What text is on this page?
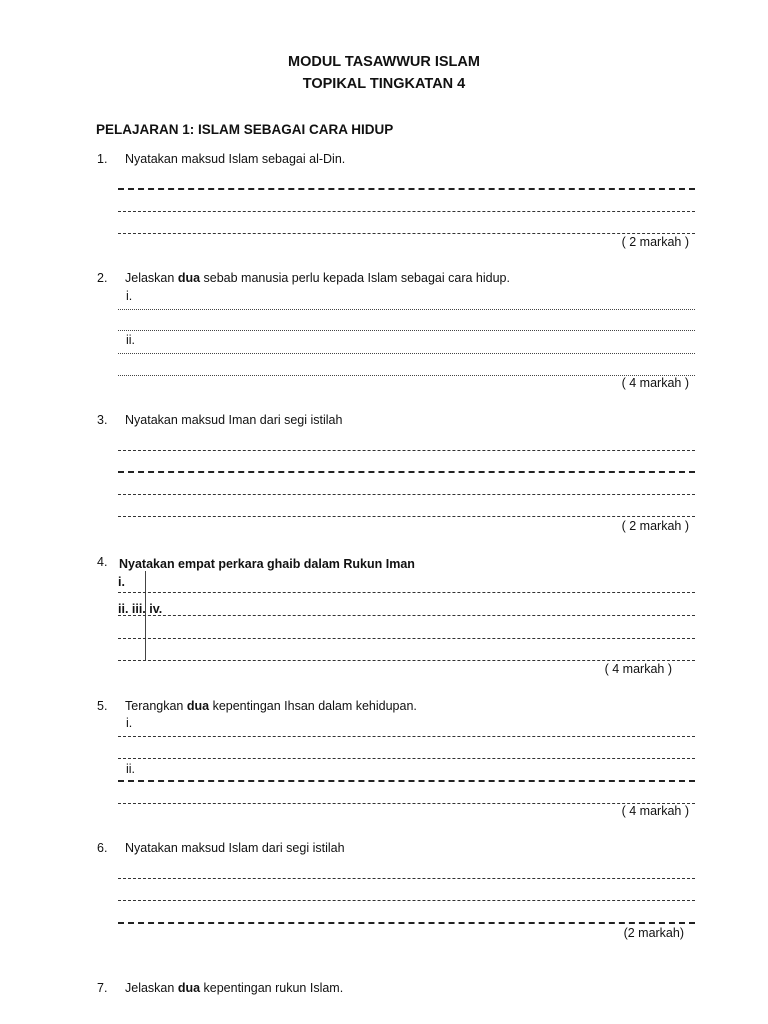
MODUL TASAWWUR ISLAM
TOPIKAL TINGKATAN 4
PELAJARAN 1: ISLAM SEBAGAI CARA HIDUP
1. Nyatakan maksud Islam sebagai al-Din.
( 2 markah )
2. Jelaskan dua sebab manusia perlu kepada Islam sebagai cara hidup.
i.
ii.
( 4 markah )
3. Nyatakan maksud Iman dari segi istilah
( 2 markah )
4. Nyatakan empat perkara ghaib dalam Rukun Iman
i.
ii. iii. iv.
( 4 markah )
5. Terangkan dua kepentingan Ihsan dalam kehidupan.
i.
ii.
( 4 markah )
6. Nyatakan maksud Islam dari segi istilah
(2 markah)
7. Jelaskan dua kepentingan rukun Islam.
